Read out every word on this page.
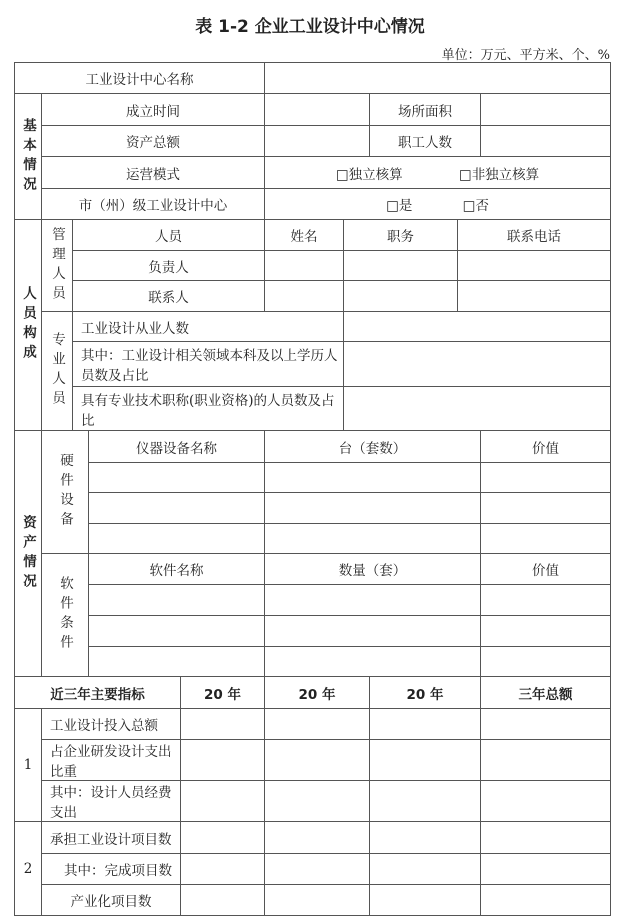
表 1-2 企业工业设计中心情况
单位：万元、平方米、个、%
工业设计中心名称									
基本情况	成立时间						场所面积		
	资产总额						职工人数		
	运营模式				□ 独立核算 □ 非独立核算
	市（州）级工业设计中心				□ 是 □ 否
人员构成	管理人员	人员			姓名	职务		联系电话	
		负责人							
		联系人							
	专业人员	工业设计从业人数							
		其中：工业设计相关领域本科及以上学历人员数及占比							
		具有专业技术职称(职业资格)的人员数及占比							
资产情况	硬件设备		仪器设备名称		台（套数）				价值

	软件条件		软件名称		数量（套）				价值

近三年主要指标				20 年	20 年		20 年		三年总额
1	工业设计投入总额								
	占企业研发设计支出比重								
	其中：设计人员经费支出								
2	承担工业设计项目数								
	其中：完成项目数								
	产业化项目数								
